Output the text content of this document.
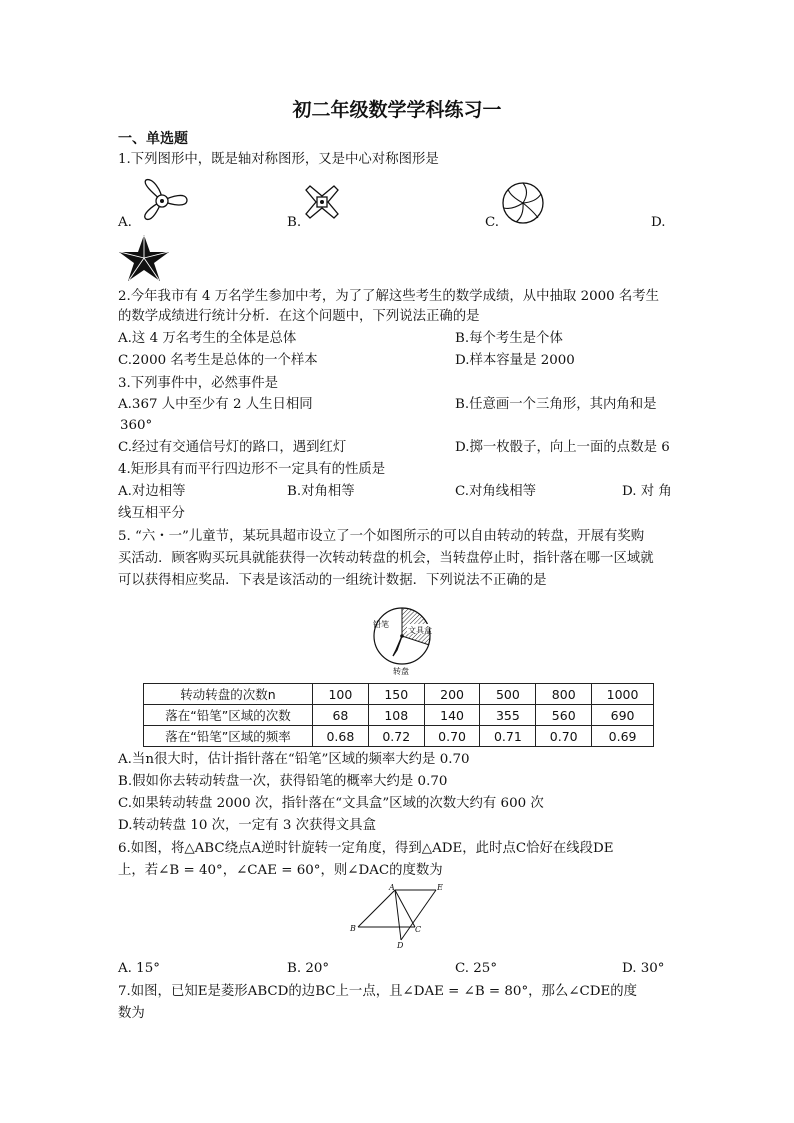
初二年级数学学科练习一
一、单选题
1.下列图形中，既是轴对称图形，又是中心对称图形是
A.	B.	C.	D.
2.今年我市有 4 万名学生参加中考，为了了解这些考生的数学成绩，从中抽取 2000 名考生
的数学成绩进行统计分析．在这个问题中，下列说法正确的是
A.这 4 万名考生的全体是总体	B.每个考生是个体
C.2000 名考生是总体的一个样本	D.样本容量是 2000
3.下列事件中，必然事件是
A.367 人中至少有 2 人生日相同	B.任意画一个三角形，其内角和是
360°
C.经过有交通信号灯的路口，遇到红灯	D.掷一枚骰子，向上一面的点数是 6
4.矩形具有而平行四边形不一定具有的性质是
A.对边相等	B.对角相等	C.对角线相等	D. 对 角
线互相平分
5. “六・一”儿童节，某玩具超市设立了一个如图所示的可以自由转动的转盘，开展有奖购
买活动．顾客购买玩具就能获得一次转动转盘的机会，当转盘停止时，指针落在哪一区域就
可以获得相应奖品．下表是该活动的一组统计数据．下列说法不正确的是
文具盒
铅笔
转盘
转动转盘的次数n	100	150	200	500	800	1000
落在“铅笔”区域的次数	68	108	140	355	560	690
落在“铅笔”区域的频率	0.68	0.72	0.70	0.71	0.70	0.69
A.当n很大时，估计指针落在“铅笔”区域的频率大约是 0.70
B.假如你去转动转盘一次，获得铅笔的概率大约是 0.70
C.如果转动转盘 2000 次，指针落在“文具盒”区域的次数大约有 600 次
D.转动转盘 10 次，一定有 3 次获得文具盒
6.如图，将△ABC绕点A逆时针旋转一定角度，得到△ADE，此时点C恰好在线段DE
上，若∠B = 40°，∠CAE = 60°，则∠DAC的度数为
A
B	C
D
E
A. 15°	B. 20°	C. 25°	D. 30°
7.如图，已知E是菱形ABCD的边BC上一点，且∠DAE = ∠B = 80°，那么∠CDE的度
数为
